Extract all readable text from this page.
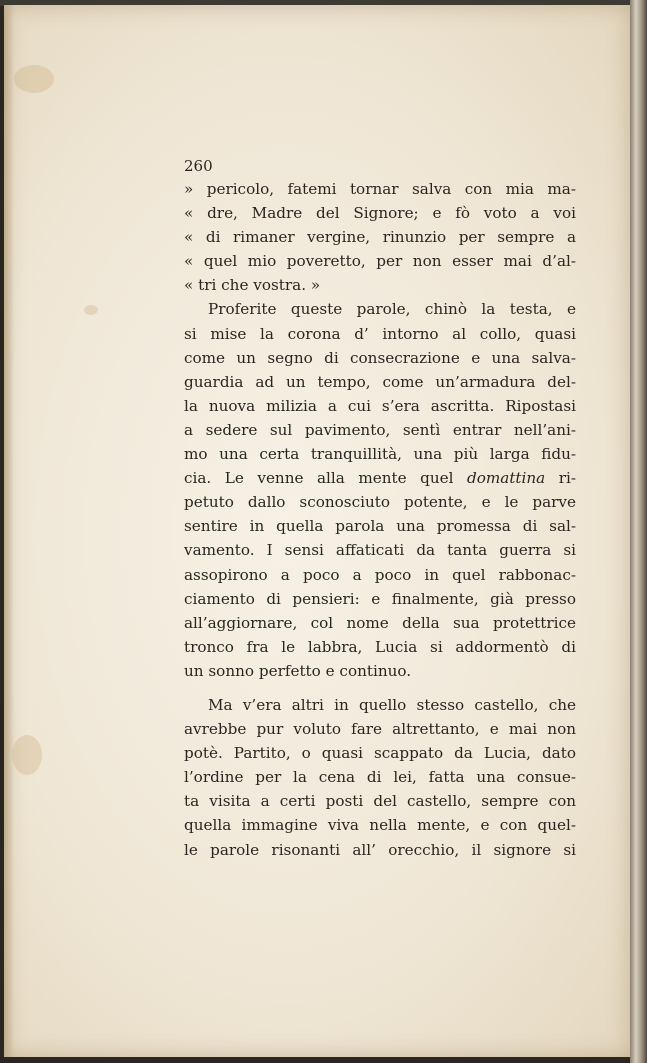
260
» pericolo, fatemi tornar salva con mia ma-
« dre, Madre del Signore; e fò voto a voi
« di rimaner vergine, rinunzio per sempre a
« quel mio poveretto, per non esser mai d’al-
« tri che vostra. »
Proferite queste parole, chinò la testa, e
si mise la corona d’ intorno al collo, quasi
come un segno di consecrazione e una salva-
guardia ad un tempo, come un’armadura del-
la nuova milizia a cui s’era ascritta. Ripostasi
a sedere sul pavimento, sentì entrar nell’ani-
mo una certa tranquillità, una più larga fidu-
cia. Le venne alla mente quel domattina ri-
petuto dallo sconosciuto potente, e le parve
sentire in quella parola una promessa di sal-
vamento. I sensi affaticati da tanta guerra si
assopirono a poco a poco in quel rabbonac-
ciamento di pensieri: e finalmente, già presso
all’aggiornare, col nome della sua protettrice
tronco fra le labbra, Lucia si addormentò di
un sonno perfetto e continuo.
Ma v’era altri in quello stesso castello, che
avrebbe pur voluto fare altrettanto, e mai non
potè. Partito, o quasi scappato da Lucia, dato
l’ordine per la cena di lei, fatta una consue-
ta visita a certi posti del castello, sempre con
quella immagine viva nella mente, e con quel-
le parole risonanti all’ orecchio, il signore si
